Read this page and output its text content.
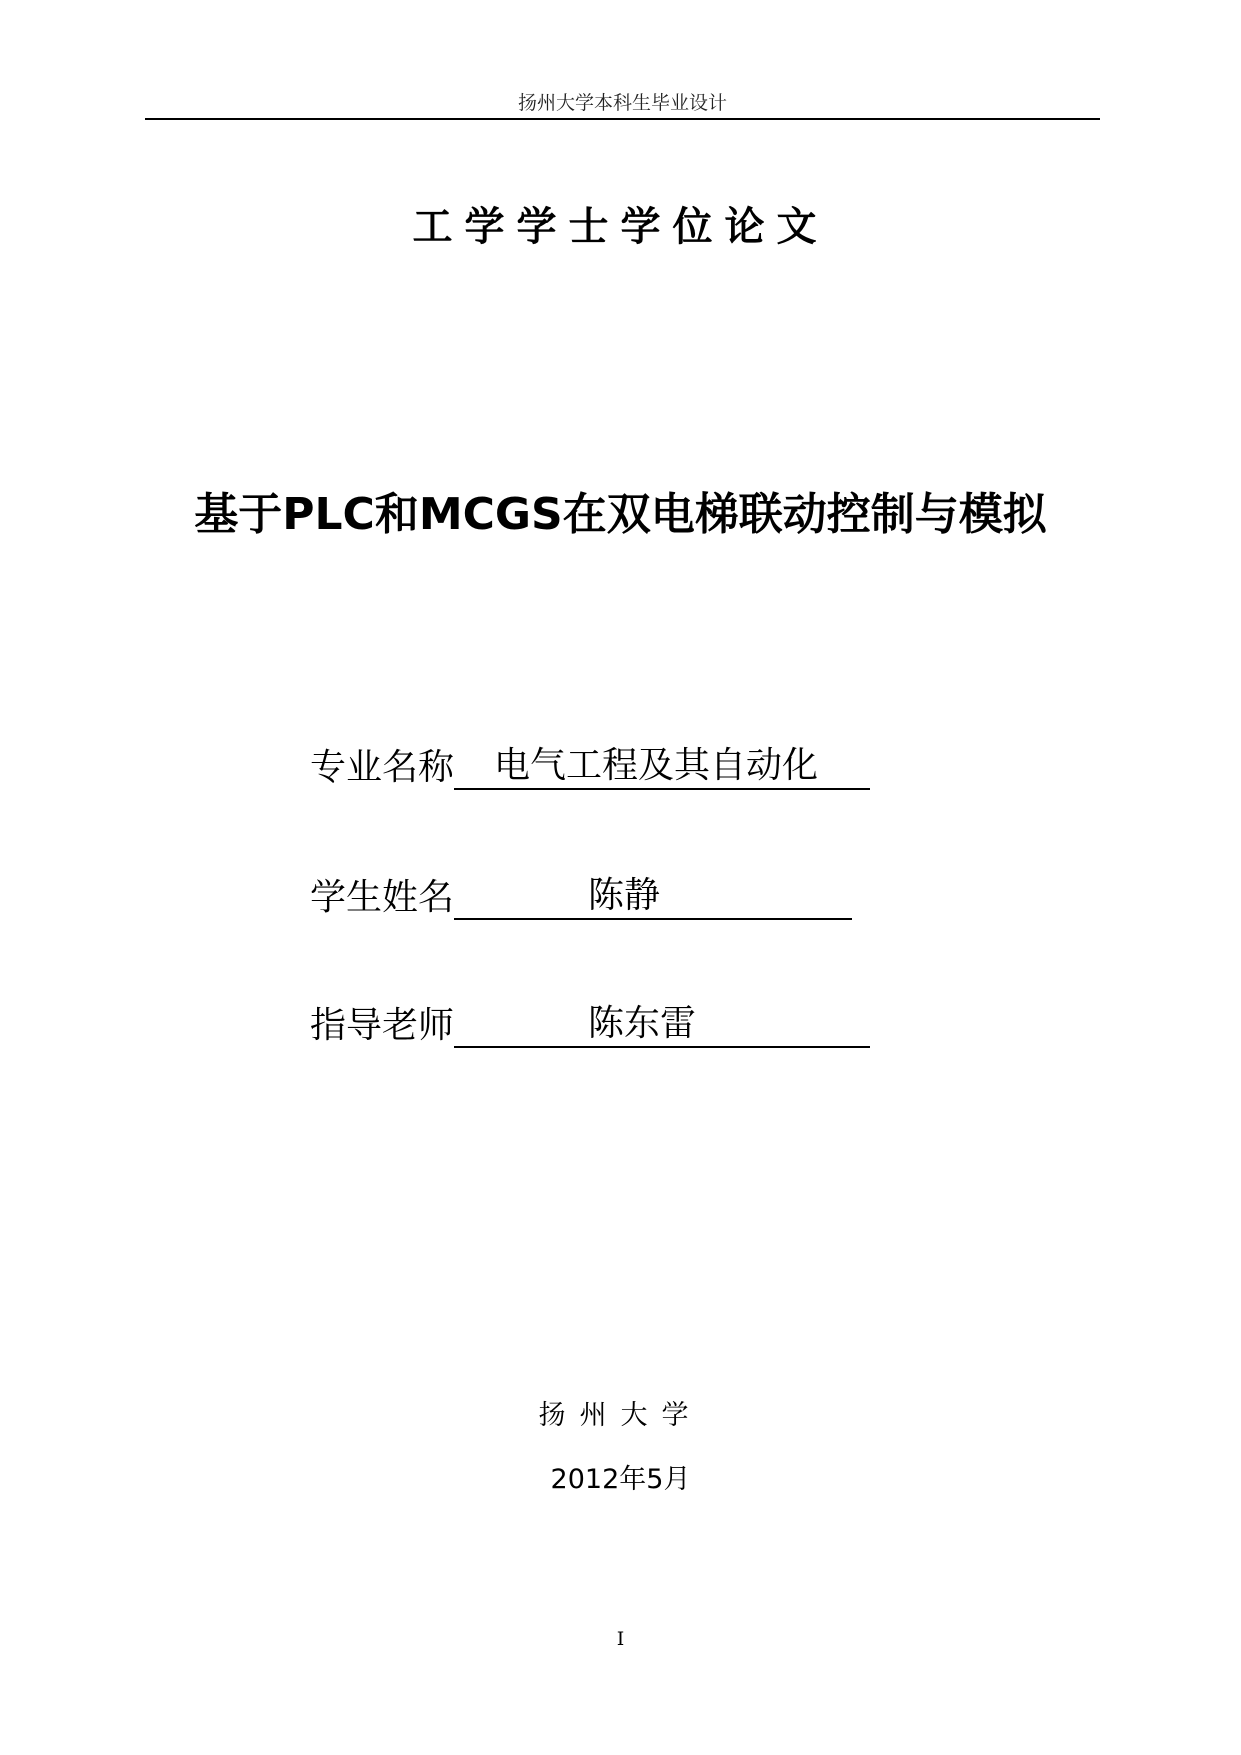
扬州大学本科生毕业设计
工学学士学位论文
基于PLC和MCGS在双电梯联动控制与模拟
专业名称 电气工程及其自动化
学生姓名	陈静
指导老师	陈东雷
扬州大学
2012年5月
I
